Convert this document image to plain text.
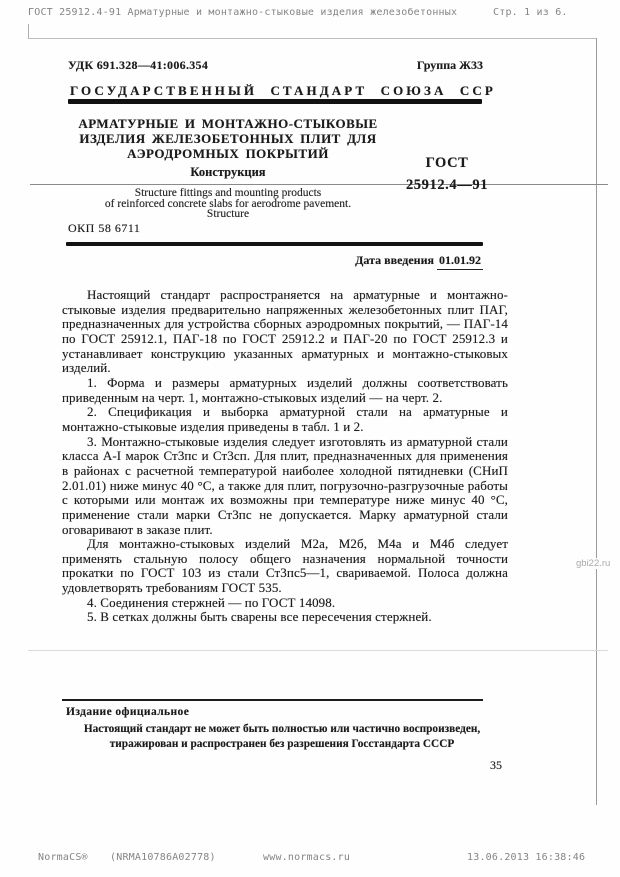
ГОСТ 25912.4-91 Арматурные и монтажно-стыковые изделия железобетонных	Стр. 1 из 6.
УДК 691.328—41:006.354	Группа Ж33
ГОСУДАРСТВЕННЫЙ СТАНДАРТ СОЮЗА ССР
АРМАТУРНЫЕ И МОНТАЖНО-СТЫКОВЫЕ
ИЗДЕЛИЯ ЖЕЛЕЗОБЕТОННЫХ ПЛИТ ДЛЯ
АЭРОДРОМНЫХ ПОКРЫТИЙ
Конструкция
Structure fittings and mounting products
of reinforced concrete slabs for aerodrome pavement.
Structure
ГОСТ
25912.4—91
ОКП 58 6711
Дата введения 01.01.92

Настоящий стандарт распространяется на арматурные и монтажно-стыковые изделия предварительно напряженных железобетонных плит ПАГ, предназначенных для устройства сборных аэродромных покрытий, — ПАГ-14 по ГОСТ 25912.1, ПАГ-18 по ГОСТ 25912.2 и ПАГ-20 по ГОСТ 25912.3 и устанавливает конструкцию указанных арматурных и монтажно-стыковых изделий.

1. Форма и размеры арматурных изделий должны соответствовать приведенным на черт. 1, монтажно-стыковых изделий — на черт. 2.

2. Спецификация и выборка арматурной стали на арматурные и монтажно-стыковые изделия приведены в табл. 1 и 2.

3. Монтажно-стыковые изделия следует изготовлять из арматурной стали класса А-I марок Ст3пс и Ст3сп. Для плит, предназначенных для применения в районах с расчетной температурой наиболее холодной пятидневки (СНиП 2.01.01) ниже минус 40 °С, а также для плит, погрузочно-разгрузочные работы с которыми или монтаж их возможны при температуре ниже минус 40 °С, применение стали марки Ст3пс не допускается. Марку арматурной стали оговаривают в заказе плит.

Для монтажно-стыковых изделий М2а, М2б, М4а и М4б следует применять стальную полосу общего назначения нормальной точности прокатки по ГОСТ 103 из стали Ст3пс5—1, свариваемой. Полоса должна удовлетворять требованиям ГОСТ 535.

4. Соединения стержней — по ГОСТ 14098.

5. В сетках должны быть сварены все пересечения стержней.

Издание официальное
Настоящий стандарт не может быть полностью или частично воспроизведен,
тиражирован и распространен без разрешения Госстандарта СССР
35
gbi22.ru
NormaCS® (NRMA10786A02778)	www.normacs.ru	13.06.2013 16:38:46
